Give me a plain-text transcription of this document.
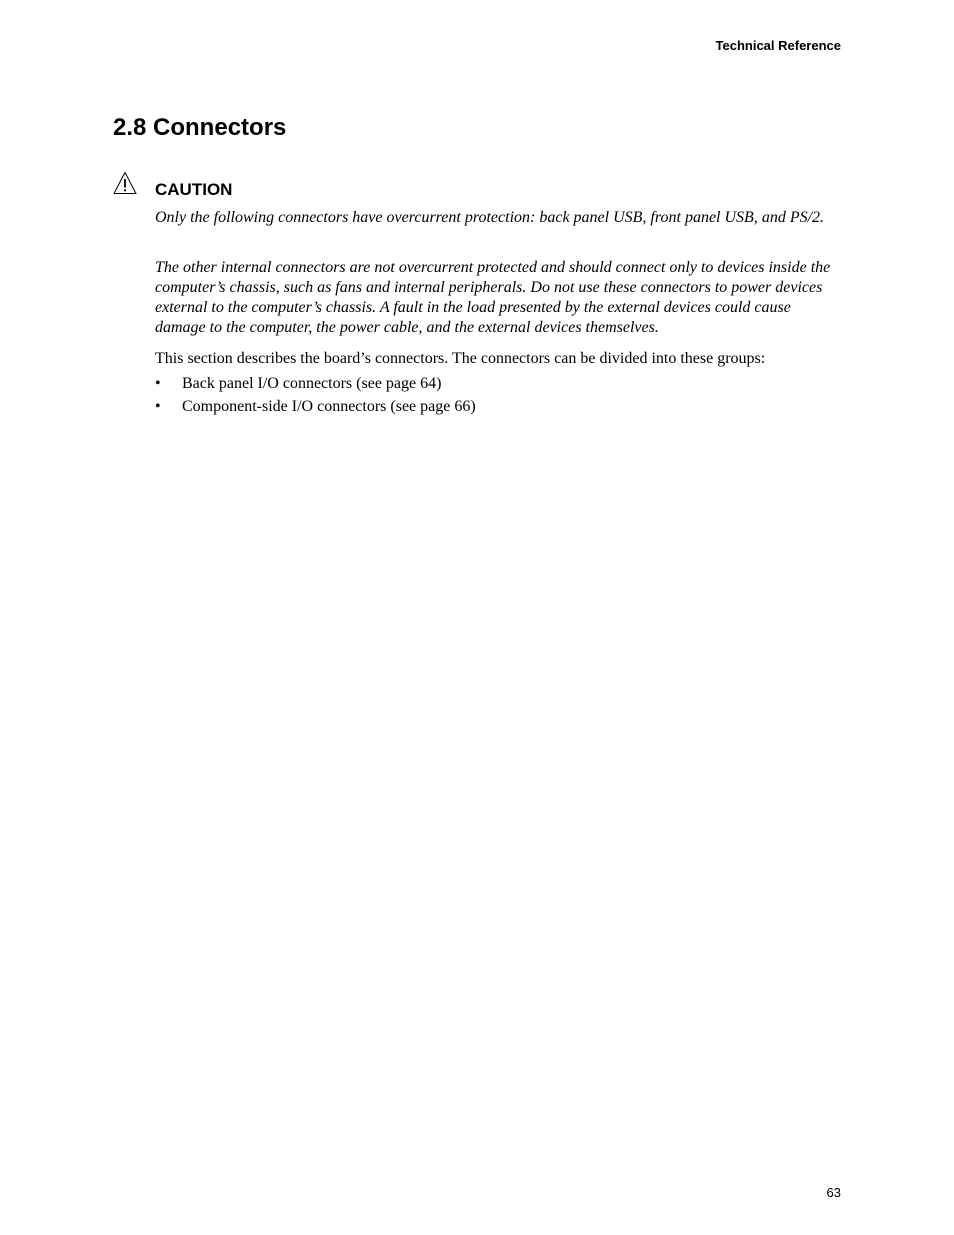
Technical Reference
2.8 Connectors
CAUTION

Only the following connectors have overcurrent protection: back panel USB, front panel USB, and PS/2.

The other internal connectors are not overcurrent protected and should connect only to devices inside the computer’s chassis, such as fans and internal peripherals. Do not use these connectors to power devices external to the computer’s chassis. A fault in the load presented by the external devices could cause damage to the computer, the power cable, and the external devices themselves.

This section describes the board’s connectors. The connectors can be divided into these groups:

• Back panel I/O connectors (see page 64)
• Component-side I/O connectors (see page 66)
63
